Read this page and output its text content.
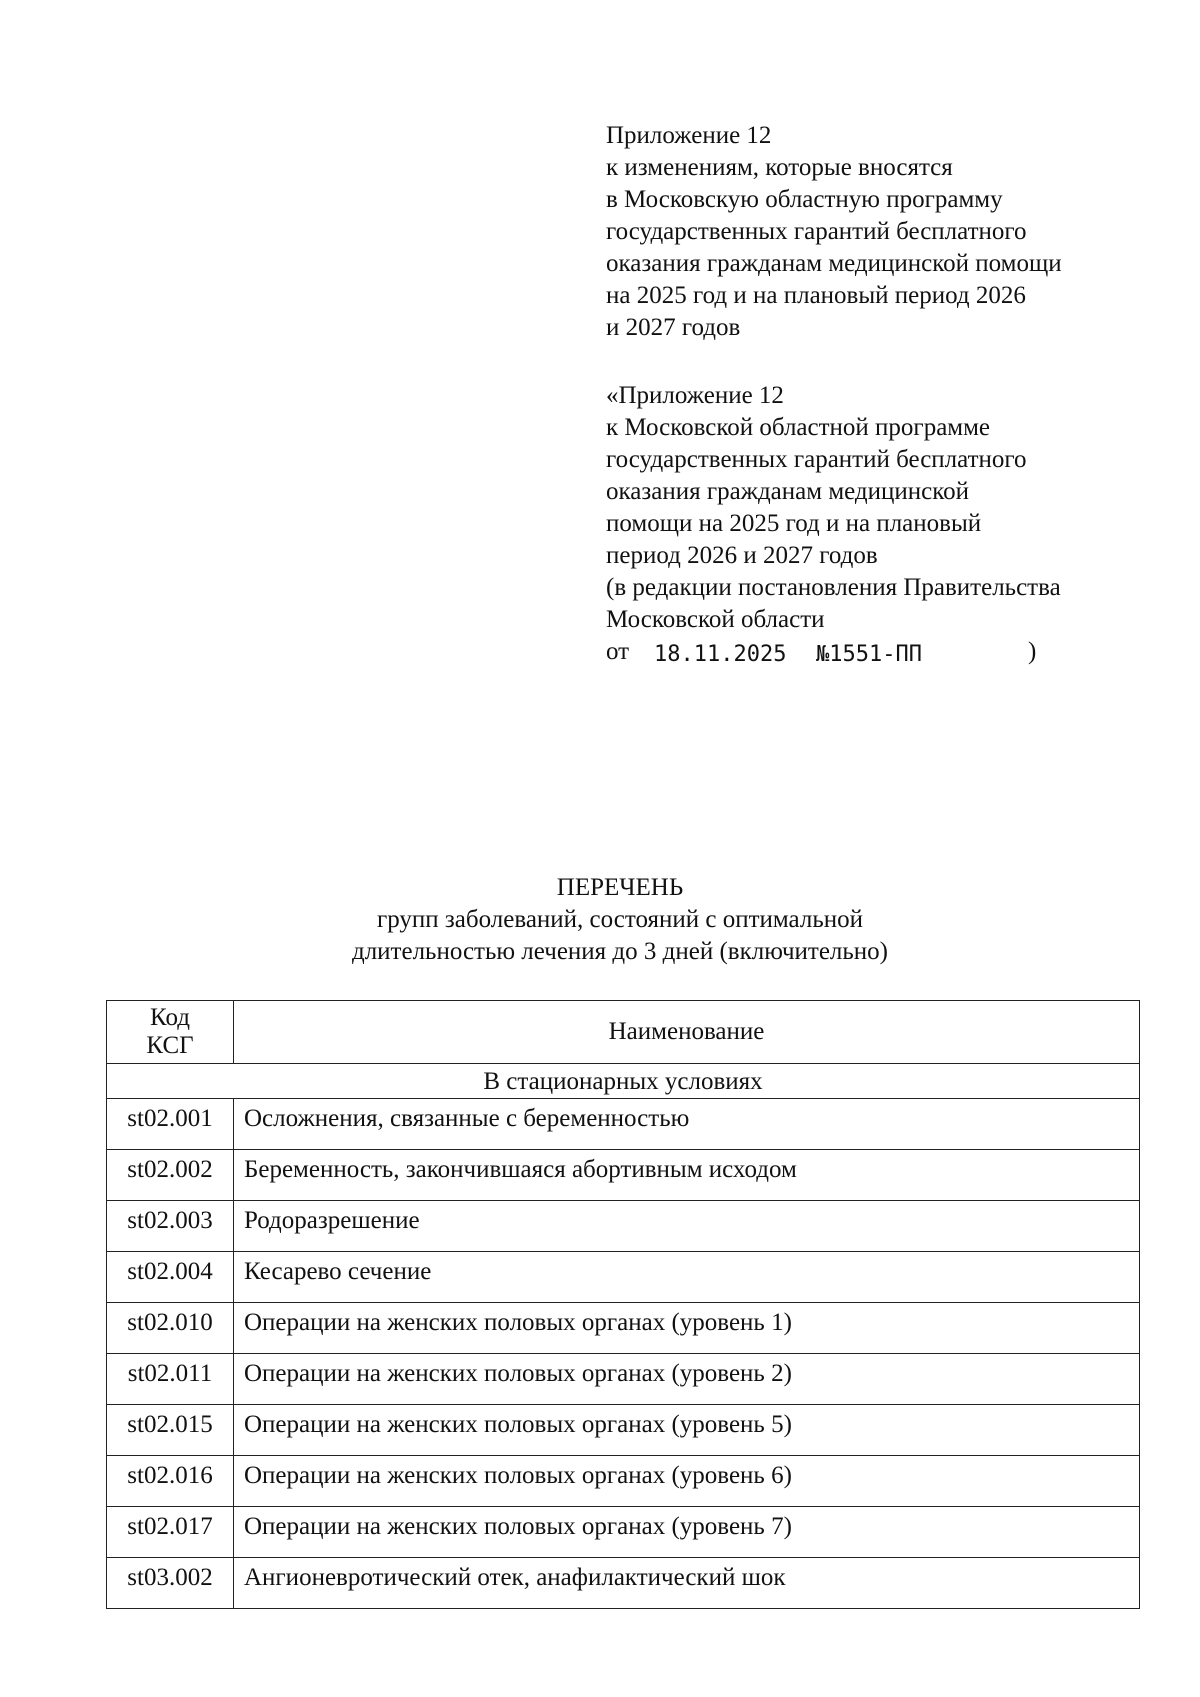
Приложение 12
к изменениям, которые вносятся
в Московскую областную программу
государственных гарантий бесплатного
оказания гражданам медицинской помощи
на 2025 год и на плановый период 2026
и 2027 годов
«Приложение 12
к Московской областной программе
государственных гарантий бесплатного
оказания гражданам медицинской
помощи на 2025 год и на плановый
период 2026 и 2027 годов
(в редакции постановления Правительства
Московской области
от 18.11.2025 №1551-ПП	)
ПЕРЕЧЕНЬ
групп заболеваний, состояний с оптимальной
длительностью лечения до 3 дней (включительно)
Код
КСГ	Наименование
В стационарных условиях	
st02.001	Осложнения, связанные с беременностью
st02.002	Беременность, закончившаяся абортивным исходом
st02.003	Родоразрешение
st02.004	Кесарево сечение
st02.010	Операции на женских половых органах (уровень 1)
st02.011	Операции на женских половых органах (уровень 2)
st02.015	Операции на женских половых органах (уровень 5)
st02.016	Операции на женских половых органах (уровень 6)
st02.017	Операции на женских половых органах (уровень 7)
st03.002	Ангионевротический отек, анафилактический шок
